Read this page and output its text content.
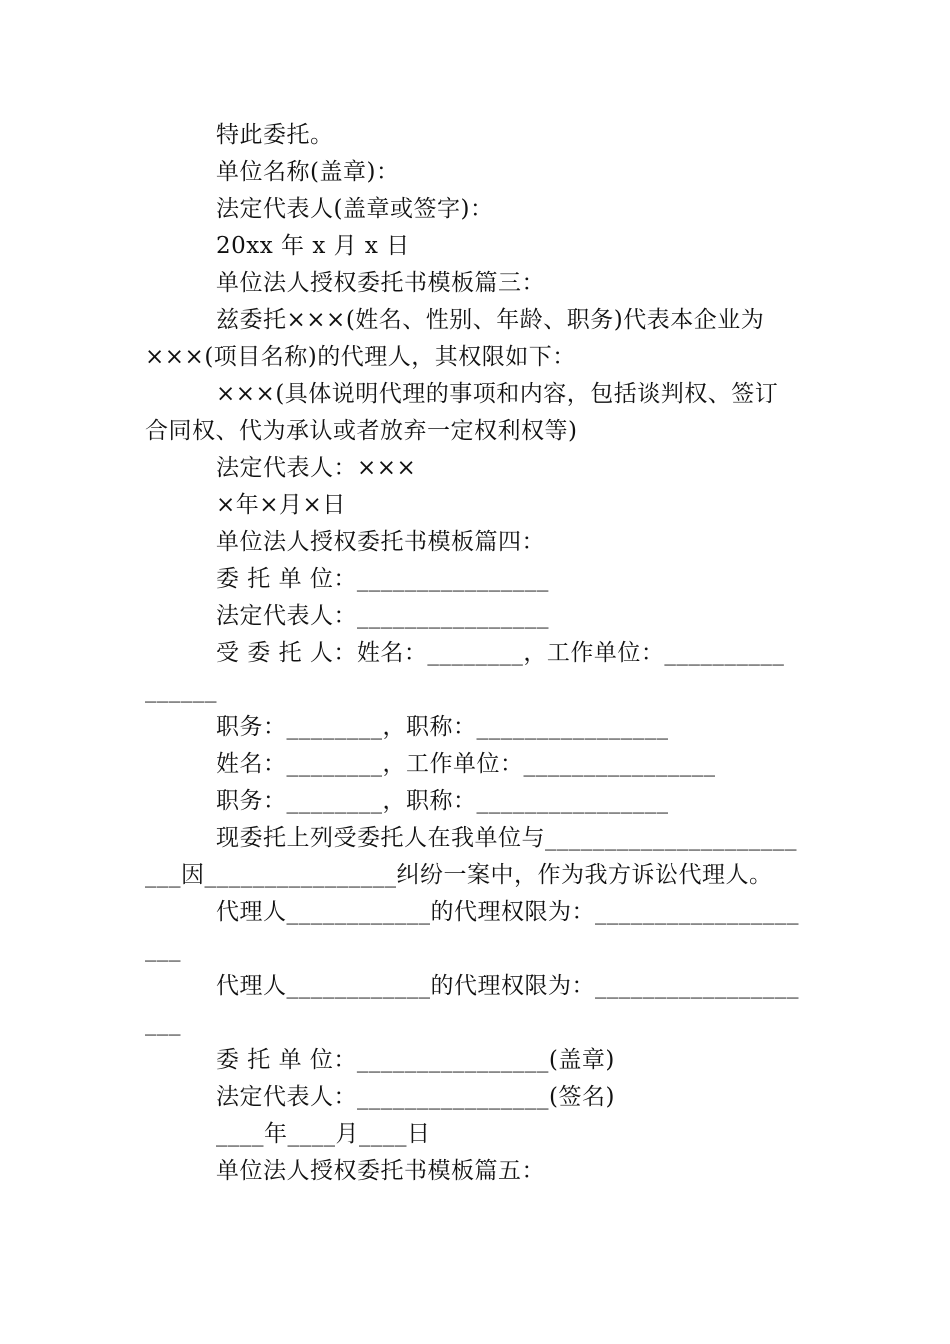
特此委托。
单位名称(盖章)：
法定代表人(盖章或签字)：
20xx 年 x 月 x 日
单位法人授权委托书模板篇三：
兹委托×××(姓名、性别、年龄、职务)代表本企业为
×××(项目名称)的代理人，其权限如下：
×××(具体说明代理的事项和内容，包括谈判权、签订
合同权、代为承认或者放弃一定权利权等)
法定代表人：×××
×年×月×日
单位法人授权委托书模板篇四：
委 托 单 位：________________
法定代表人：________________
受 委 托 人：姓名：________，工作单位：__________
______
职务：________，职称：________________
姓名：________，工作单位：________________
职务：________，职称：________________
现委托上列受委托人在我单位与_____________________
___因________________纠纷一案中，作为我方诉讼代理人。
代理人____________的代理权限为：_________________
___
代理人____________的代理权限为：_________________
___
委 托 单 位：________________(盖章)
法定代表人：________________(签名)
____年____月____日
单位法人授权委托书模板篇五：
